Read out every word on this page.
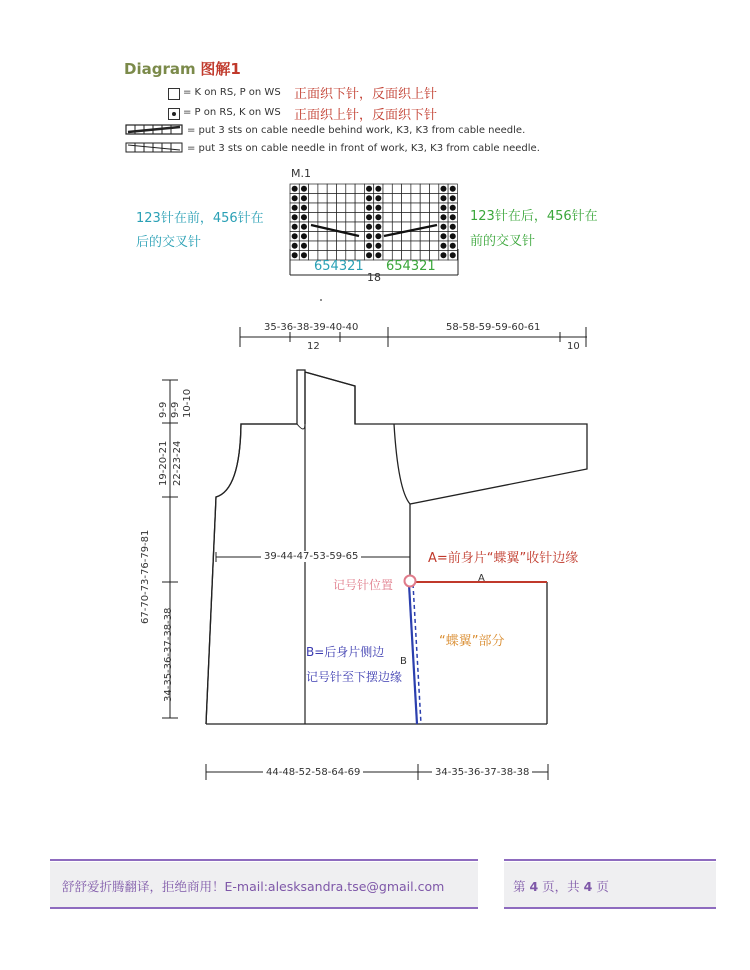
Diagram 图解1
= K on RS, P on WS 正面织下针，反面织上针
= P on RS, K on WS 正面织上针，反面织下针
= put 3 sts on cable needle behind work, K3, K3 from cable needle.
= put 3 sts on cable needle in front of work, K3, K3 from cable needle.
M.1
654321 654321
18
123针在前，456针在
后的交叉针
123针在后，456针在
前的交叉针
35-36-38-39-40-40	58-58-59-59-60-61
12	10
9-9 9-9 10-10
19-20-21 22-23-24
67-70-73-76-79-81
34-35-36-37-38-38
39-44-47-53-59-65
44-48-52-58-64-69	34-35-36-37-38-38
A=前身片“蝶翼”收针边缘
A
记号针位置
“蝶翼”部分
B=后身片侧边
记号针至下摆边缘
B
舒舒爱折腾翻译，拒绝商用！E-mail:alesksandra.tse@gmail.com	第 4 页，共 4 页
